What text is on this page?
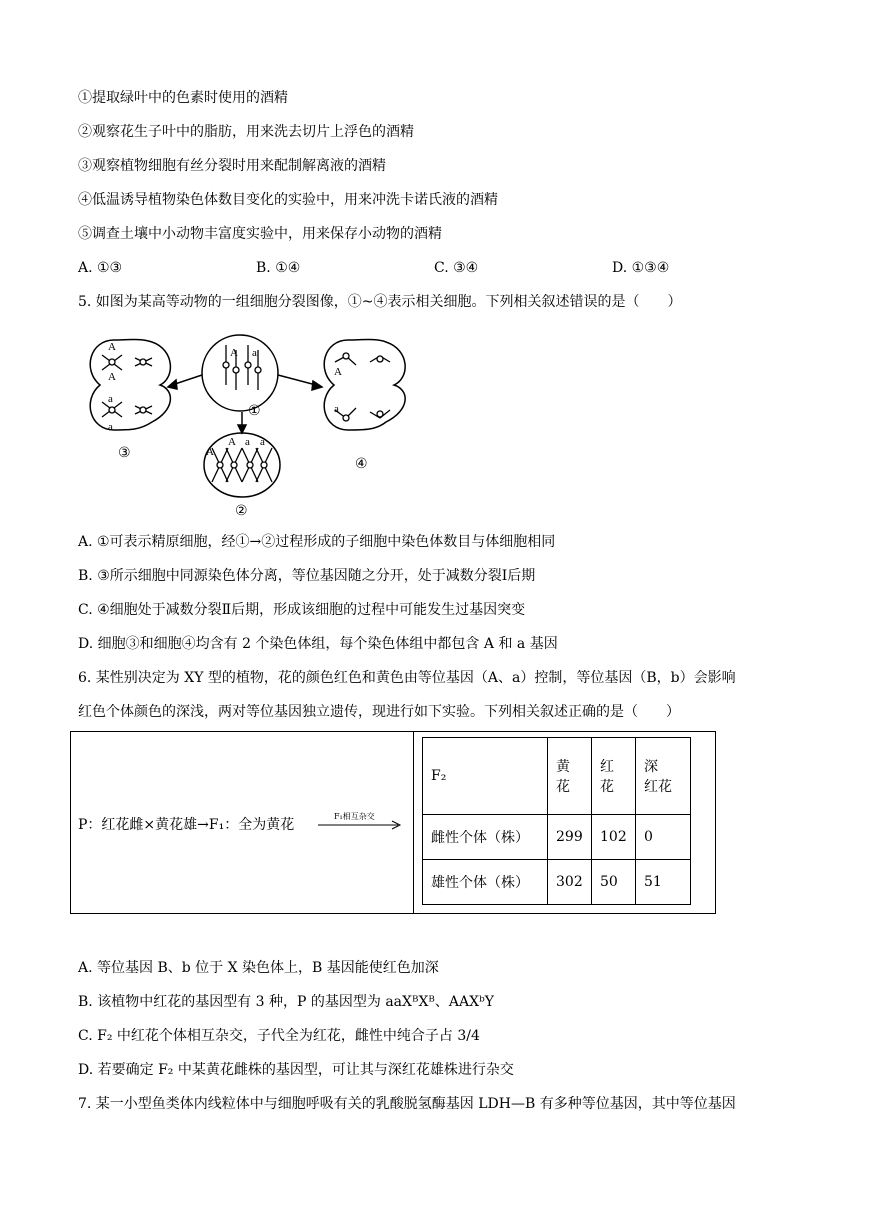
①提取绿叶中的色素时使用的酒精
②观察花生子叶中的脂肪，用来洗去切片上浮色的酒精
③观察植物细胞有丝分裂时用来配制解离液的酒精
④低温诱导植物染色体数目变化的实验中，用来冲洗卡诺氏液的酒精
⑤调查土壤中小动物丰富度实验中，用来保存小动物的酒精
A. ①③	B. ①④	C. ③④	D. ①③④
5. 如图为某高等动物的一组细胞分裂图像，①~④表示相关细胞。下列相关叙述错误的是（　　）
A a
A
A
a
a
A
a
A
A a a
①
③
④
②
A. ①可表示精原细胞，经①→②过程形成的子细胞中染色体数目与体细胞相同
B. ③所示细胞中同源染色体分离，等位基因随之分开，处于减数分裂Ⅰ后期
C. ④细胞处于减数分裂Ⅱ后期，形成该细胞的过程中可能发生过基因突变
D. 细胞③和细胞④均含有 2 个染色体组，每个染色体组中都包含 A 和 a 基因
6. 某性别决定为 XY 型的植物，花的颜色红色和黄色由等位基因（A、a）控制，等位基因（B，b）会影响
红色个体颜色的深浅，两对等位基因独立遗传，现进行如下实验。下列相关叙述正确的是（　　）
P：红花雌×黄花雄→F₁：全为黄花
F₁相互杂交
F₂	黄花	红花	深　红花
雌性个体（株）	299	102	0
雄性个体（株）	302	50	51
A. 等位基因 B、b 位于 X 染色体上，B 基因能使红色加深
B. 该植物中红花的基因型有 3 种，P 的基因型为 aaXᴮXᴮ、AAXᵇY
C. F₂ 中红花个体相互杂交，子代全为红花，雌性中纯合子占 3/4
D. 若要确定 F₂ 中某黄花雌株的基因型，可让其与深红花雄株进行杂交
7. 某一小型鱼类体内线粒体中与细胞呼吸有关的乳酸脱氢酶基因 LDH—B 有多种等位基因，其中等位基因
